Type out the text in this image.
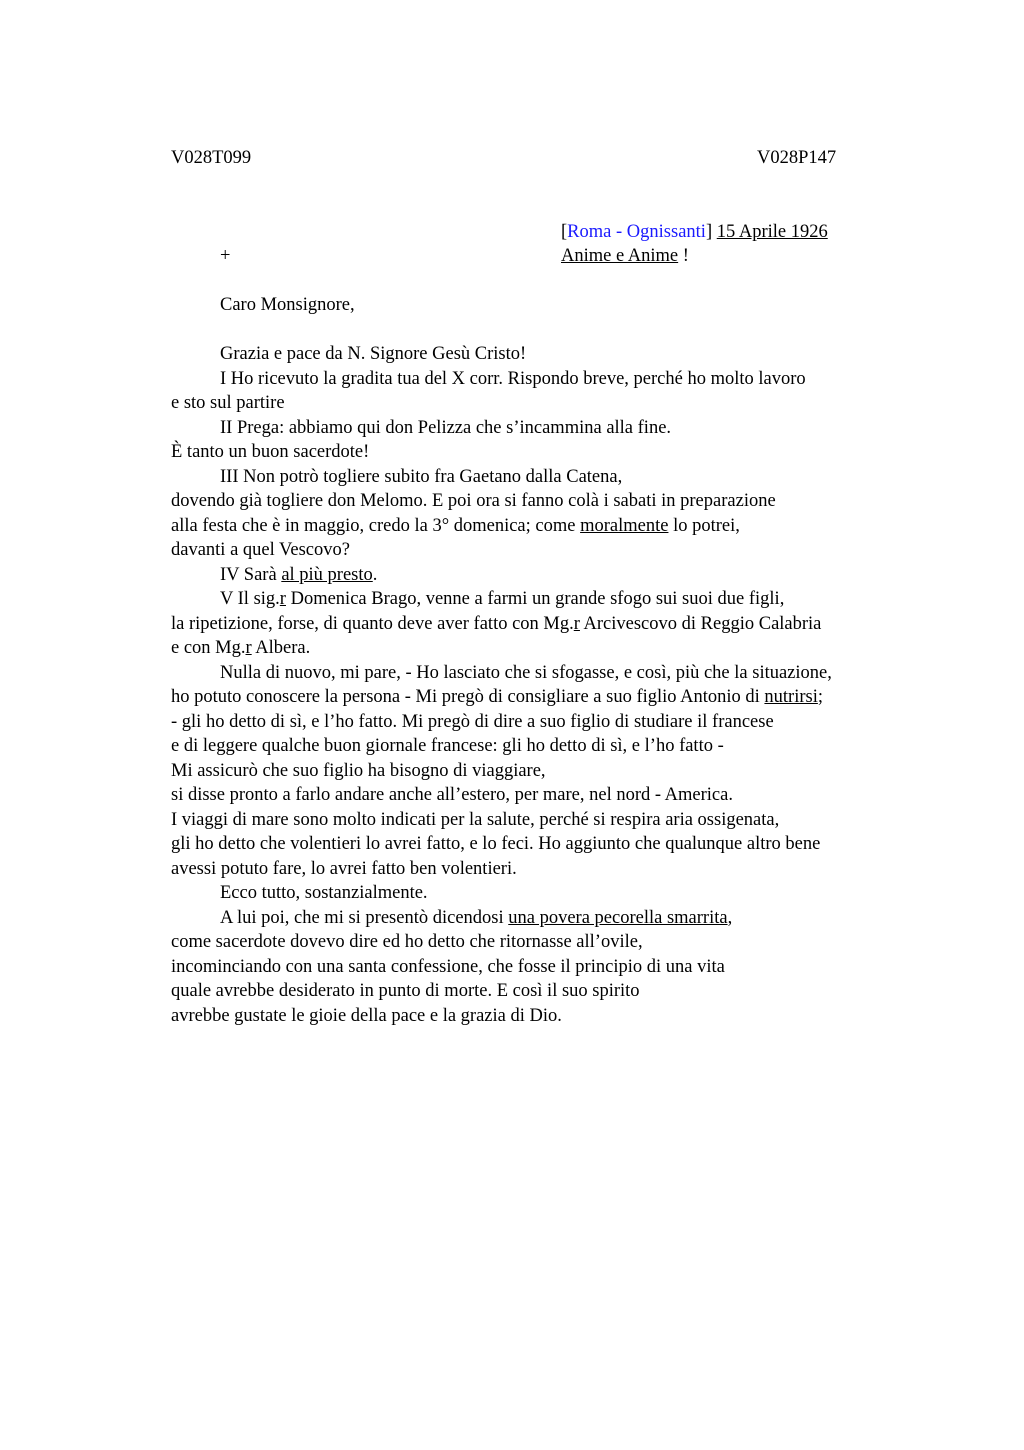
V028T099	V028P147
[Roma - Ognissanti] 15 Aprile 1926
Anime e Anime !
+
Caro Monsignore,
Grazia e pace da N. Signore Gesù Cristo!
I Ho ricevuto la gradita tua del X corr. Rispondo breve, perché ho molto lavoro
e sto sul partire
II Prega: abbiamo qui don Pelizza che s’incammina alla fine.
È tanto un buon sacerdote!
III Non potrò togliere subito fra Gaetano dalla Catena,
dovendo già togliere don Melomo. E poi ora si fanno colà i sabati in preparazione
alla festa che è in maggio, credo la 3° domenica; come moralmente lo potrei,
davanti a quel Vescovo?
IV Sarà al più presto.
V Il sig.r Domenica Brago, venne a farmi un grande sfogo sui suoi due figli,
la ripetizione, forse, di quanto deve aver fatto con Mg.r Arcivescovo di Reggio Calabria
e con Mg.r Albera.
Nulla di nuovo, mi pare, - Ho lasciato che si sfogasse, e così, più che la situazione,
ho potuto conoscere la persona - Mi pregò di consigliare a suo figlio Antonio di nutrirsi;
- gli ho detto di sì, e l’ho fatto. Mi pregò di dire a suo figlio di studiare il francese
e di leggere qualche buon giornale francese: gli ho detto di sì, e l’ho fatto -
Mi assicurò che suo figlio ha bisogno di viaggiare,
si disse pronto a farlo andare anche all’estero, per mare, nel nord - America.
I viaggi di mare sono molto indicati per la salute, perché si respira aria ossigenata,
gli ho detto che volentieri lo avrei fatto, e lo feci. Ho aggiunto che qualunque altro bene
avessi potuto fare, lo avrei fatto ben volentieri.
Ecco tutto, sostanzialmente.
A lui poi, che mi si presentò dicendosi una povera pecorella smarrita,
come sacerdote dovevo dire ed ho detto che ritornasse all’ovile,
incominciando con una santa confessione, che fosse il principio di una vita
quale avrebbe desiderato in punto di morte. E così il suo spirito
avrebbe gustate le gioie della pace e la grazia di Dio.
